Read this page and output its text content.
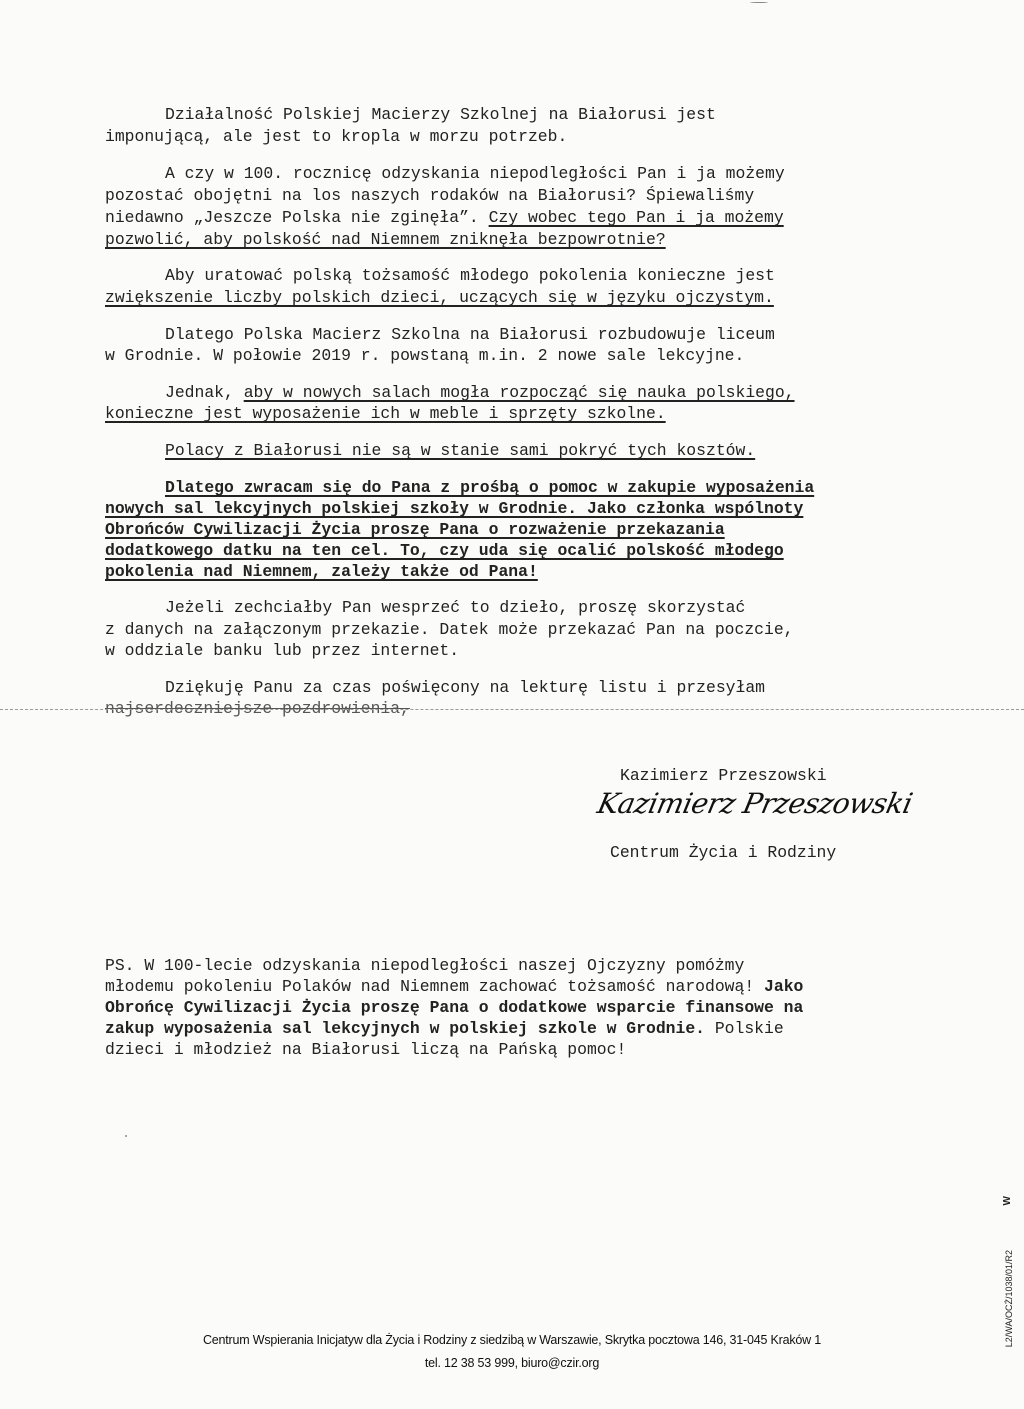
Działalność Polskiej Macierzy Szkolnej na Białorusi jest
imponującą, ale jest to kropla w morzu potrzeb.
A czy w 100. rocznicę odzyskania niepodległości Pan i ja możemy
pozostać obojętni na los naszych rodaków na Białorusi? Śpiewaliśmy
niedawno „Jeszcze Polska nie zginęła”. Czy wobec tego Pan i ja możemy
pozwolić, aby polskość nad Niemnem zniknęła bezpowrotnie?
Aby uratować polską tożsamość młodego pokolenia konieczne jest
zwiększenie liczby polskich dzieci, uczących się w języku ojczystym.
Dlatego Polska Macierz Szkolna na Białorusi rozbudowuje liceum
w Grodnie. W połowie 2019 r. powstaną m.in. 2 nowe sale lekcyjne.
Jednak, aby w nowych salach mogła rozpocząć się nauka polskiego,
konieczne jest wyposażenie ich w meble i sprzęty szkolne.
Polacy z Białorusi nie są w stanie sami pokryć tych kosztów.
Dlatego zwracam się do Pana z prośbą o pomoc w zakupie wyposażenia
nowych sal lekcyjnych polskiej szkoły w Grodnie. Jako członka wspólnoty
Obrońców Cywilizacji Życia proszę Pana o rozważenie przekazania
dodatkowego datku na ten cel. To, czy uda się ocalić polskość młodego
pokolenia nad Niemnem, zależy także od Pana!
Jeżeli zechciałby Pan wesprzeć to dzieło, proszę skorzystać
z danych na załączonym przekazie. Datek może przekazać Pan na poczcie,
w oddziale banku lub przez internet.
Dziękuję Panu za czas poświęcony na lekturę listu i przesyłam
najserdeczniejsze pozdrowienia,
Kazimierz Przeszowski
Kazimierz Przeszowski
Centrum Życia i Rodziny
PS. W 100-lecie odzyskania niepodległości naszej Ojczyzny pomóżmy
młodemu pokoleniu Polaków nad Niemnem zachować tożsamość narodową! Jako
Obrońcę Cywilizacji Życia proszę Pana o dodatkowe wsparcie finansowe na
zakup wyposażenia sal lekcyjnych w polskiej szkole w Grodnie. Polskie
dzieci i młodzież na Białorusi liczą na Pańską pomoc!
W
L2/WA/OCŻ/1038/01/R2
Centrum Wspierania Inicjatyw dla Życia i Rodziny z siedzibą w Warszawie, Skrytka pocztowa 146, 31-045 Kraków 1
tel. 12 38 53 999, biuro@czir.org
